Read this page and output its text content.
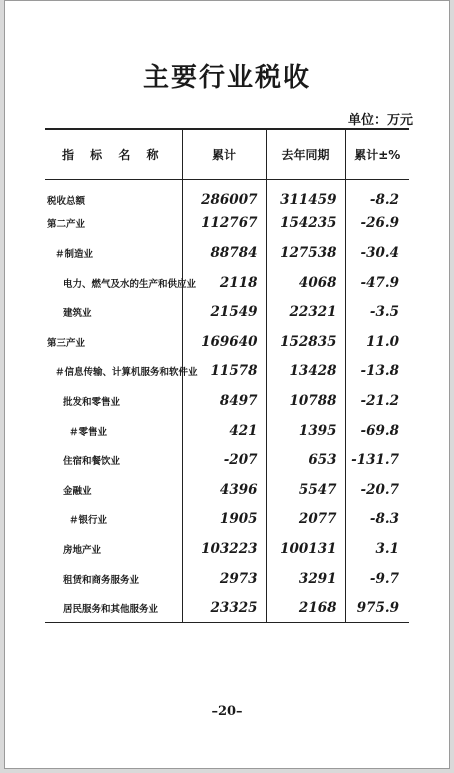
主要行业税收
单位：万元
指 标 名 称	累计	去年同期	累计±%
税收总额	286007	311459	-8.2
第二产业	112767	154235	-26.9
＃制造业	88784	127538	-30.4
电力、燃气及水的生产和供应业	2118	4068	-47.9
建筑业	21549	22321	-3.5
第三产业	169640	152835	11.0
＃信息传输、计算机服务和软件业	11578	13428	-13.8
批发和零售业	8497	10788	-21.2
＃零售业	421	1395	-69.8
住宿和餐饮业	-207	653	-131.7
金融业	4396	5547	-20.7
＃银行业	1905	2077	-8.3
房地产业	103223	100131	3.1
租赁和商务服务业	2973	3291	-9.7
居民服务和其他服务业	23325	2168	975.9
–20–
